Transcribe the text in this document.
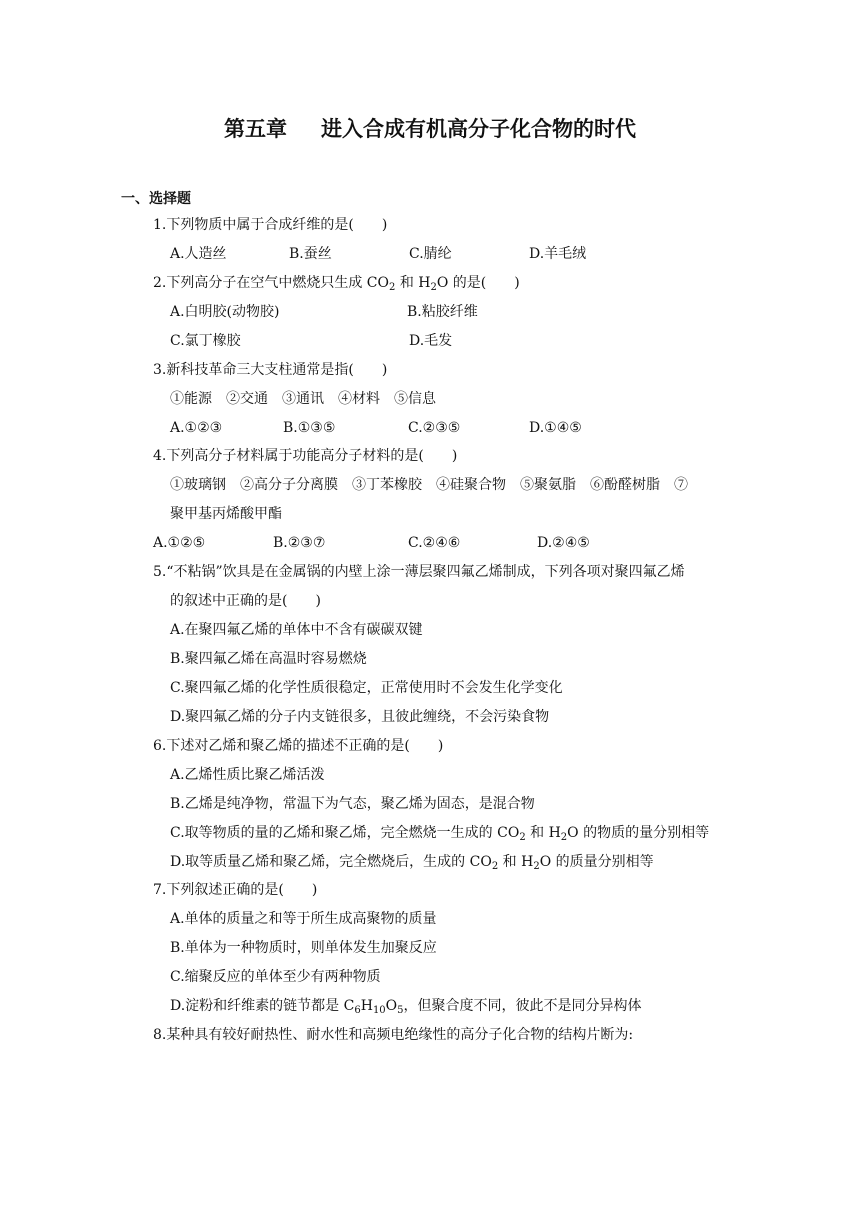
第五章 进入合成有机高分子化合物的时代
一、选择题
1.下列物质中属于合成纤维的是(　　)
A.人造丝	B.蚕丝	C.腈纶	D.羊毛绒
2.下列高分子在空气中燃烧只生成 $CO_2$ 和 $H_2O$ 的是(　　)
A.白明胶(动物胶)	B.粘胶纤维
C.氯丁橡胶	D.毛发
3.新科技革命三大支柱通常是指(　　)
①能源　②交通　③通讯　④材料　⑤信息
A.①②③	B.①③⑤	C.②③⑤	D.①④⑤
4.下列高分子材料属于功能高分子材料的是(　　)
①玻璃钢　②高分子分离膜　③丁苯橡胶　④硅聚合物　⑤聚氨脂　⑥酚醛树脂　⑦
聚甲基丙烯酸甲酯
A.①②⑤	B.②③⑦	C.②④⑥	D.②④⑤
5.“不粘锅”饮具是在金属锅的内壁上涂一薄层聚四氟乙烯制成，下列各项对聚四氟乙烯
的叙述中正确的是(　　)
A.在聚四氟乙烯的单体中不含有碳碳双键
B.聚四氟乙烯在高温时容易燃烧
C.聚四氟乙烯的化学性质很稳定，正常使用时不会发生化学变化
D.聚四氟乙烯的分子内支链很多，且彼此缠绕，不会污染食物
6.下述对乙烯和聚乙烯的描述不正确的是(　　)
A.乙烯性质比聚乙烯活泼
B.乙烯是纯净物，常温下为气态，聚乙烯为固态，是混合物
C.取等物质的量的乙烯和聚乙烯，完全燃烧一生成的 $CO_2$ 和 $H_2O$ 的物质的量分别相等
D.取等质量乙烯和聚乙烯，完全燃烧后，生成的 $CO_2$ 和 $H_2O$ 的质量分别相等
7.下列叙述正确的是(　　)
A.单体的质量之和等于所生成高聚物的质量
B.单体为一种物质时，则单体发生加聚反应
C.缩聚反应的单体至少有两种物质
D.淀粉和纤维素的链节都是 $C_6H_{10}O_5$，但聚合度不同，彼此不是同分异构体
8.某种具有较好耐热性、耐水性和高频电绝缘性的高分子化合物的结构片断为:
